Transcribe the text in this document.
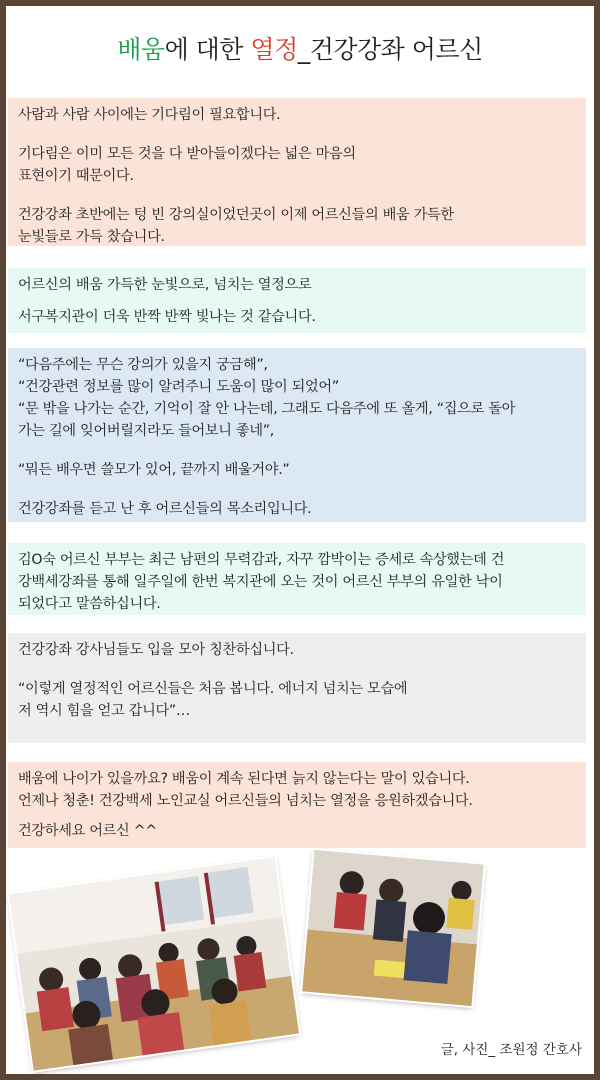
배움에 대한 열정_건강강좌 어르신

사람과 사람 사이에는 기다림이 필요합니다.

기다림은 이미 모든 것을 다 받아들이겠다는 넓은 마음의

표현이기 때문이다.

건강강좌 초반에는 텅 빈 강의실이었던곳이 이제 어르신들의 배움 가득한

눈빛들로 가득 찼습니다.

어르신의 배움 가득한 눈빛으로, 넘치는 열정으로

서구복지관이 더욱 반짝 반짝 빛나는 것 같습니다.

“다음주에는 무슨 강의가 있을지 궁금해”,

“건강관련 정보를 많이 알려주니 도움이 많이 되었어”

“문 밖을 나가는 순간, 기억이 잘 안 나는데, 그래도 다음주에 또 올게, “집으로 돌아

가는 길에 잊어버릴지라도 들어보니 좋네”,

“뭐든 배우면 쓸모가 있어, 끝까지 배울거야.”

건강강좌를 듣고 난 후 어르신들의 목소리입니다.

김O숙 어르신 부부는 최근 남편의 무력감과, 자꾸 깜박이는 증세로 속상했는데 건

강백세강좌를 통해 일주일에 한번 복지관에 오는 것이 어르신 부부의 유일한 낙이

되었다고 말씀하십니다.

건강강좌 강사님들도 입을 모아 칭찬하십니다.

“이렇게 열정적인 어르신들은 처음 봅니다. 에너지 넘치는 모습에

저 역시 힘을 얻고 갑니다”…

배움에 나이가 있을까요? 배움이 계속 된다면 늙지 않는다는 말이 있습니다.

언제나 청춘! 건강백세 노인교실 어르신들의 넘치는 열정을 응원하겠습니다.

건강하세요 어르신 ^^

글, 사진_ 조원정 간호사
